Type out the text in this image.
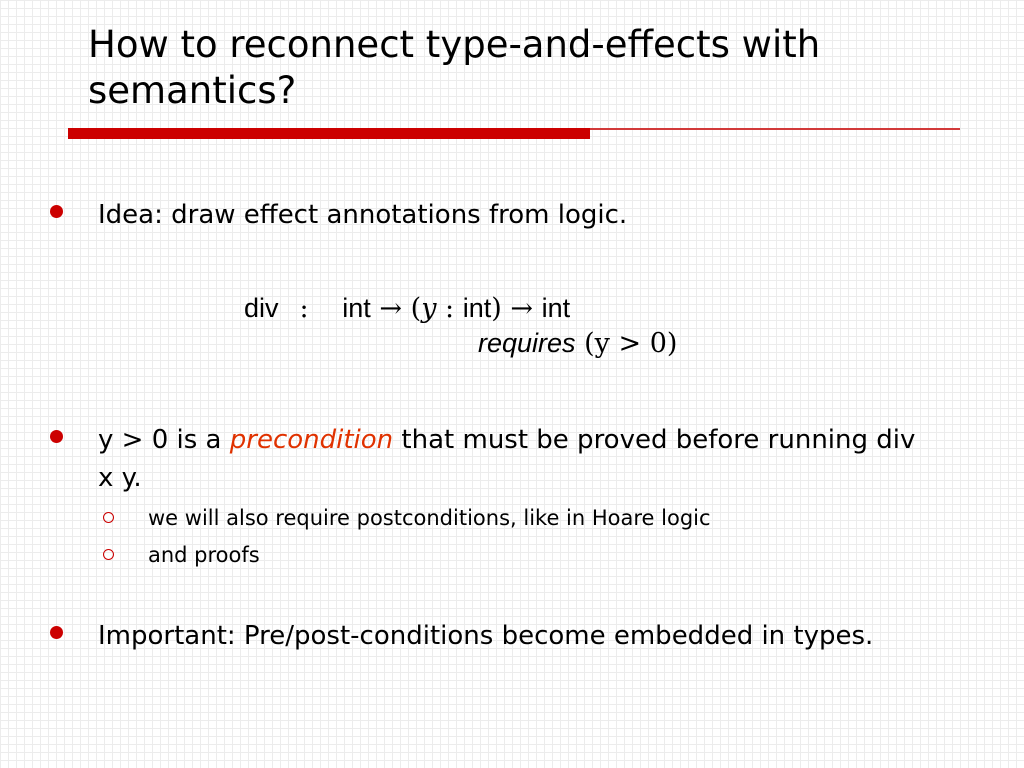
How to reconnect type-and-effects with semantics?
Idea: draw effect annotations from logic.
div : int → (y : int) → int
requires (y > 0)
y > 0 is a precondition that must be proved before running div x y.
we will also require postconditions, like in Hoare logic
and proofs
Important: Pre/post-conditions become embedded in types.
